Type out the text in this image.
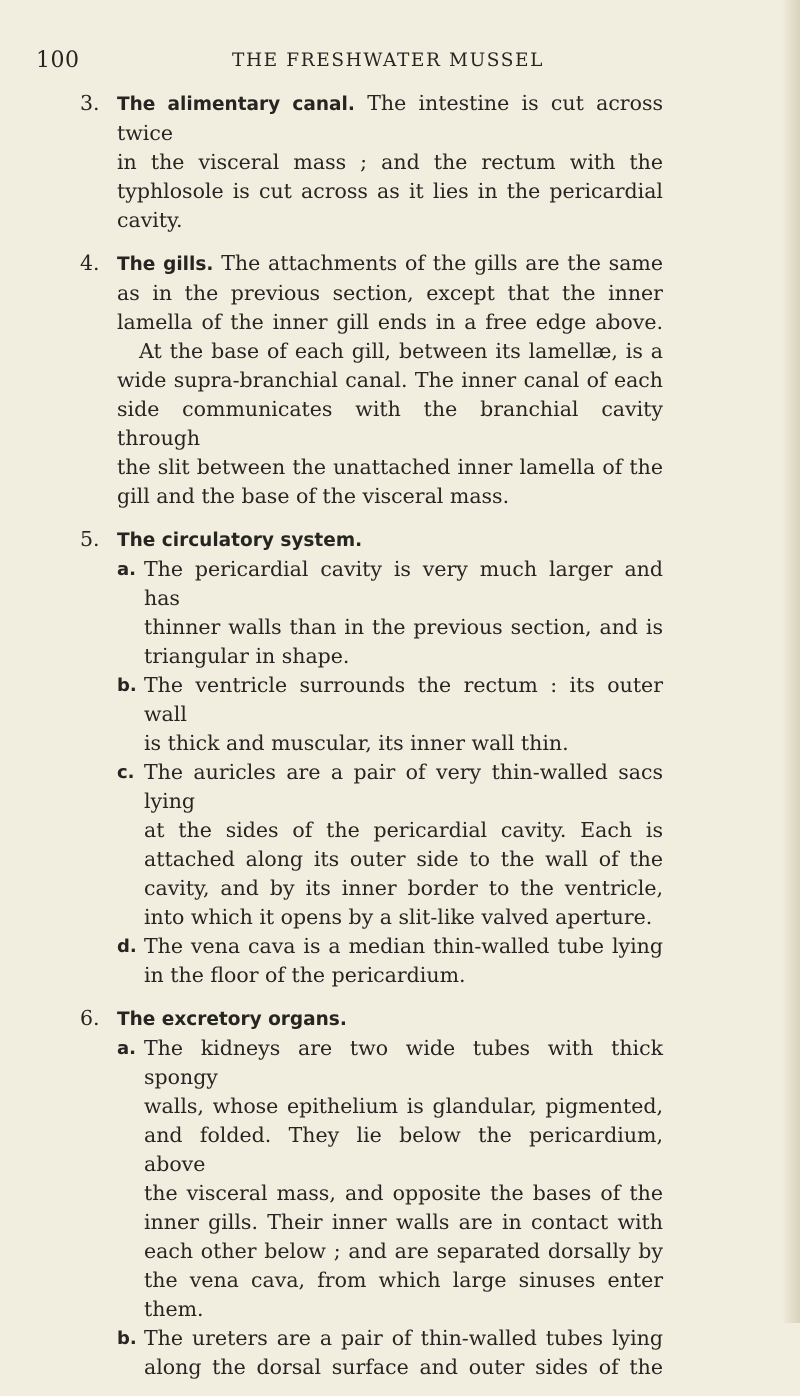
100	THE FRESHWATER MUSSEL
3. The alimentary canal. The intestine is cut across twice
in the visceral mass ; and the rectum with the
typhlosole is cut across as it lies in the pericardial
cavity.
4. The gills. The attachments of the gills are the same
as in the previous section, except that the inner
lamella of the inner gill ends in a free edge above.
At the base of each gill, between its lamellæ, is a
wide supra-branchial canal. The inner canal of each
side communicates with the branchial cavity through
the slit between the unattached inner lamella of the
gill and the base of the visceral mass.
5. The circulatory system.
a. The pericardial cavity is very much larger and has
thinner walls than in the previous section, and is
triangular in shape.
b. The ventricle surrounds the rectum : its outer wall
is thick and muscular, its inner wall thin.
c. The auricles are a pair of very thin-walled sacs lying
at the sides of the pericardial cavity. Each is
attached along its outer side to the wall of the
cavity, and by its inner border to the ventricle,
into which it opens by a slit-like valved aperture.
d. The vena cava is a median thin-walled tube lying
in the floor of the pericardium.
6. The excretory organs.
a. The kidneys are two wide tubes with thick spongy
walls, whose epithelium is glandular, pigmented,
and folded. They lie below the pericardium, above
the visceral mass, and opposite the bases of the
inner gills. Their inner walls are in contact with
each other below ; and are separated dorsally by
the vena cava, from which large sinuses enter
them.
b. The ureters are a pair of thin-walled tubes lying
along the dorsal surface and outer sides of the
